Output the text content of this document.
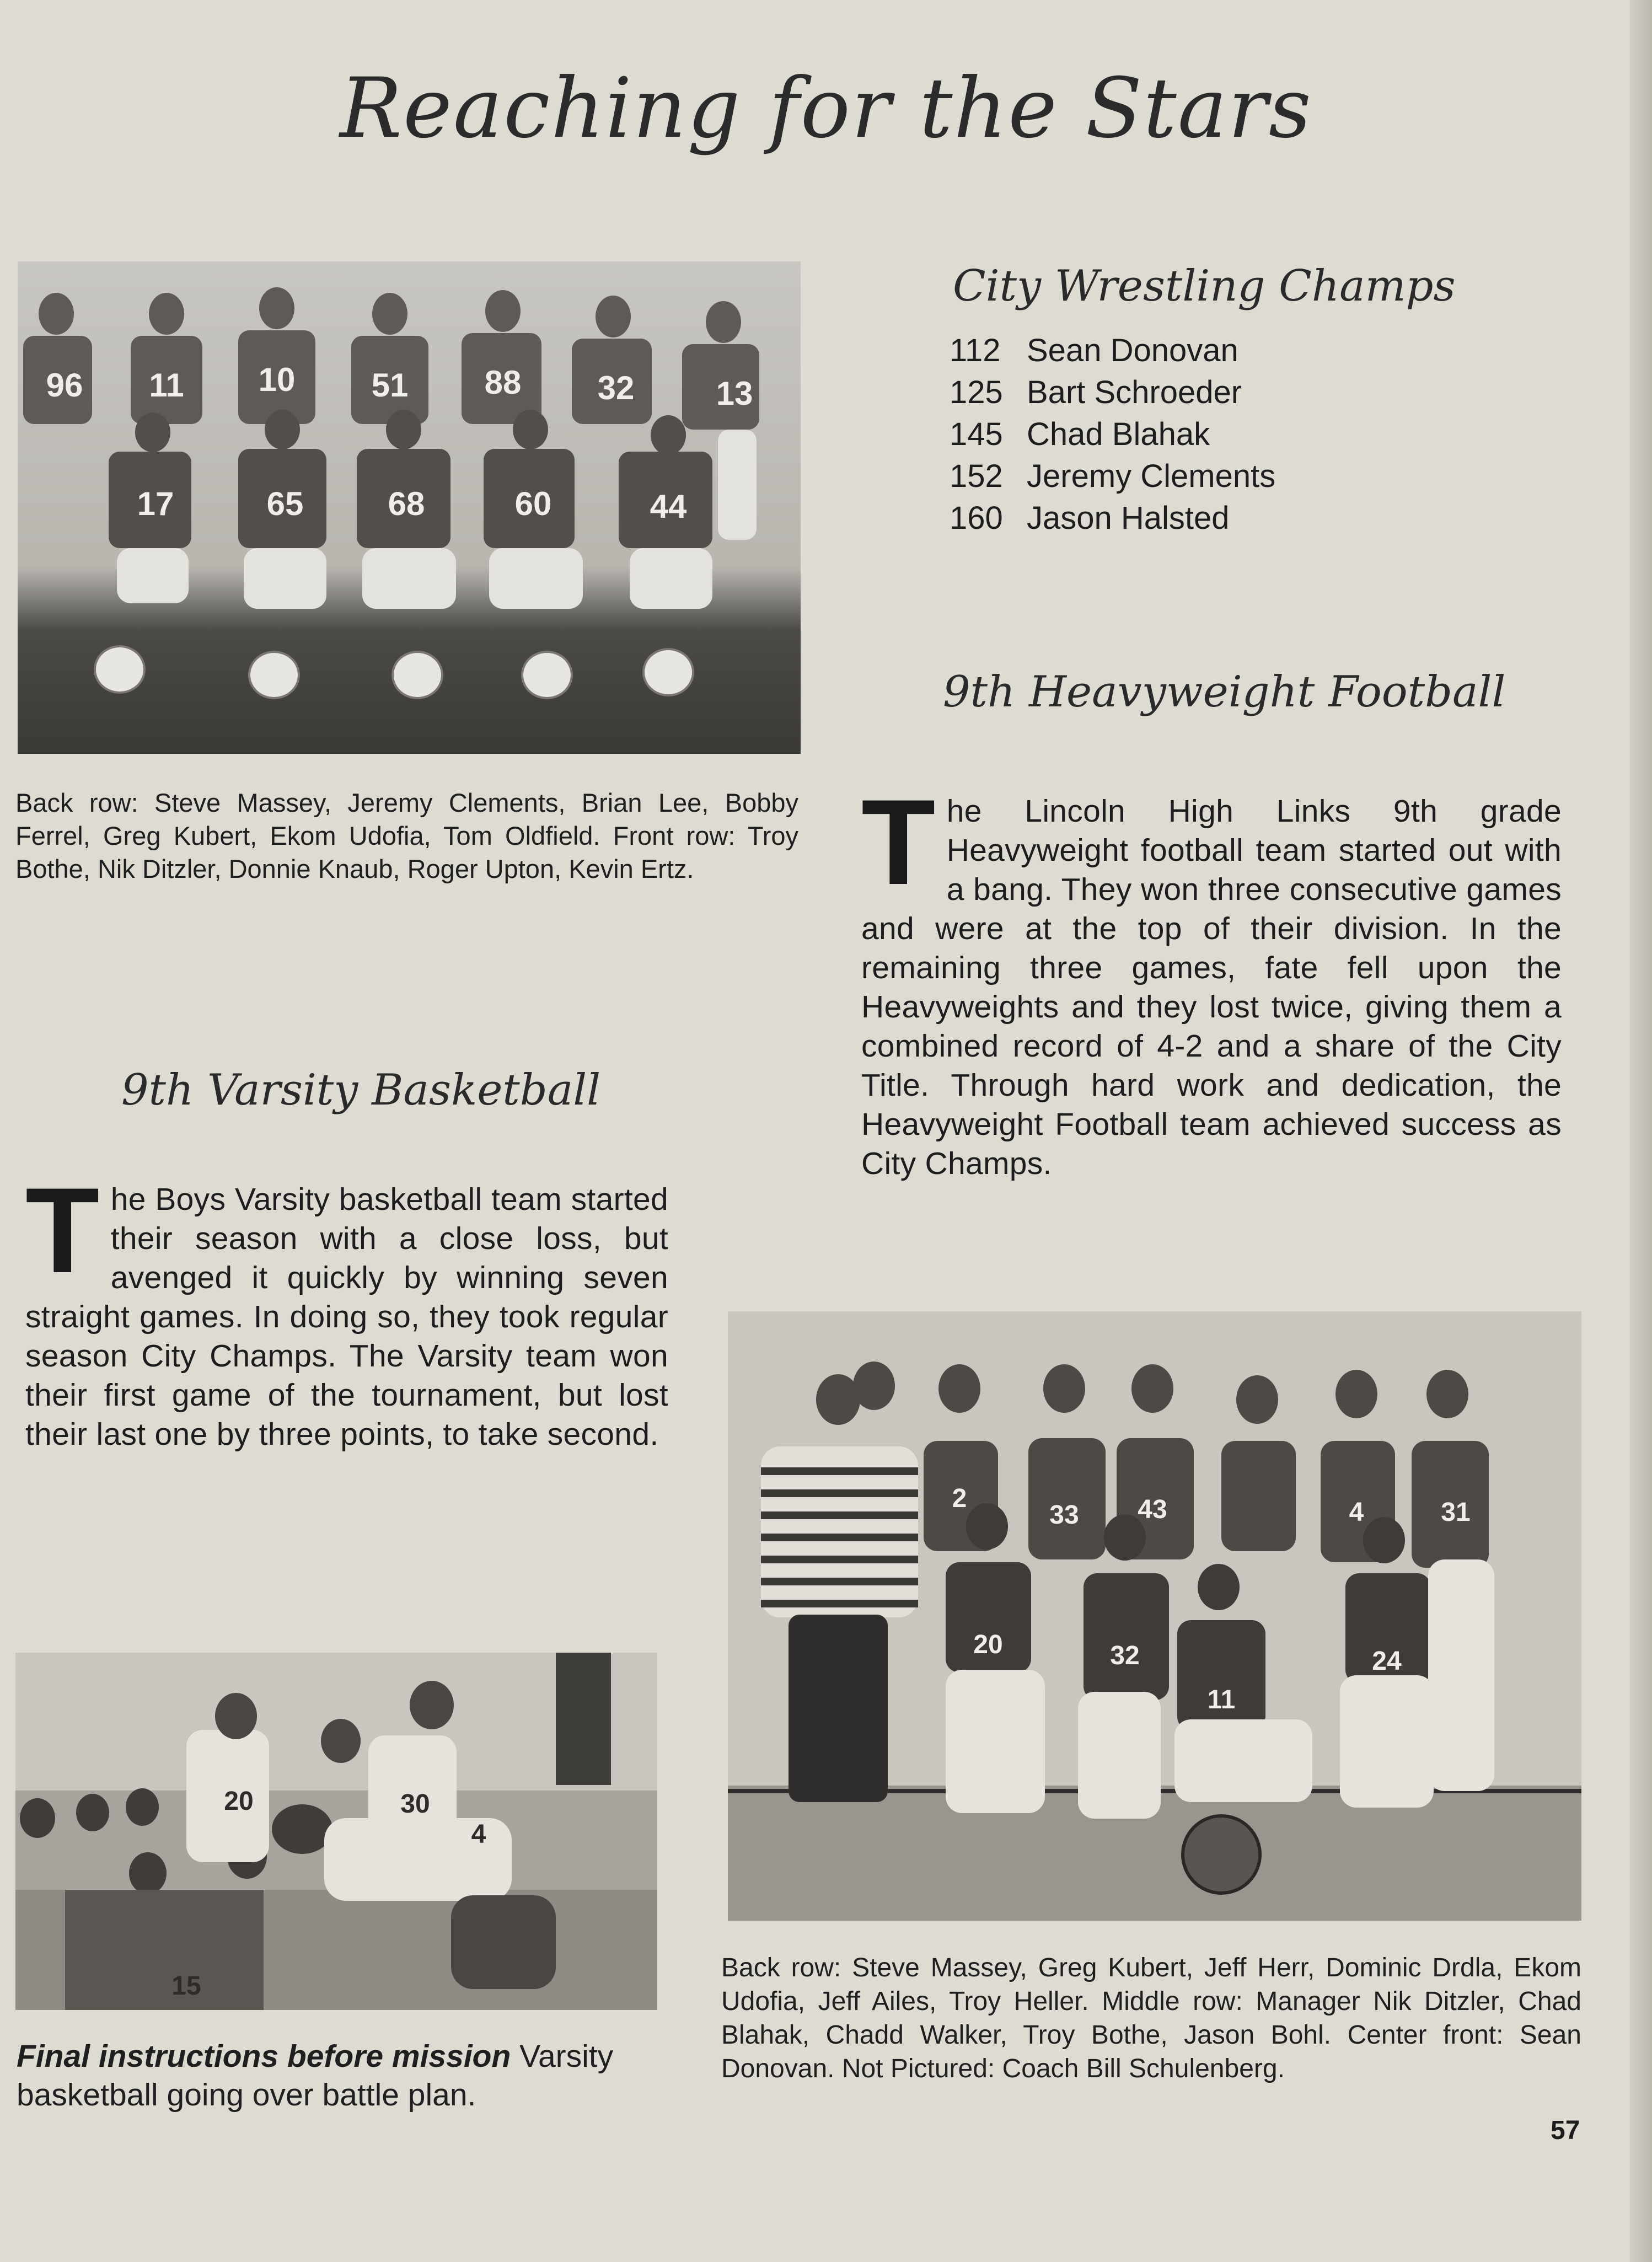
Reaching for the Stars
96 11 10 51 88 32 13
17	65	68	60	44

Back row: Steve Massey, Jeremy Clements, Brian Lee, Bobby Ferrel, Greg Kubert, Ekom Udofia, Tom Oldfield. Front row: Troy Bothe, Nik Ditzler, Donnie Knaub, Roger Upton, Kevin Ertz.

City Wrestling Champs
112 Sean Donovan
125 Bart Schroeder
145 Chad Blahak
152 Jeremy Clements
160 Jason Halsted
9th Heavyweight Football
The Lincoln High Links 9th grade Heavyweight football team started out with a bang. They won three consecutive games and were at the top of their division. In the remaining three games, fate fell upon the Heavyweights and they lost twice, giving them a combined record of 4-2 and a share of the City Title. Through hard work and dedication, the Heavyweight Football team achieved success as City Champs.
9th Varsity Basketball
The Boys Varsity basketball team started their season with a close loss, but avenged it quickly by winning seven straight games. In doing so, they took regular season City Champs. The Varsity team won their first game of the tournament, but lost their last one by three points, to take second.
20	30
4
15

Final instructions before mission Varsity basketball going over battle plan.

2
33 43	4	31
20	32
11
24

Back row: Steve Massey, Greg Kubert, Jeff Herr, Dominic Drdla, Ekom Udofia, Jeff Ailes, Troy Heller. Middle row: Manager Nik Ditzler, Chad Blahak, Chadd Walker, Troy Bothe, Jason Bohl. Center front: Sean Donovan. Not Pictured: Coach Bill Schulenberg.

57
